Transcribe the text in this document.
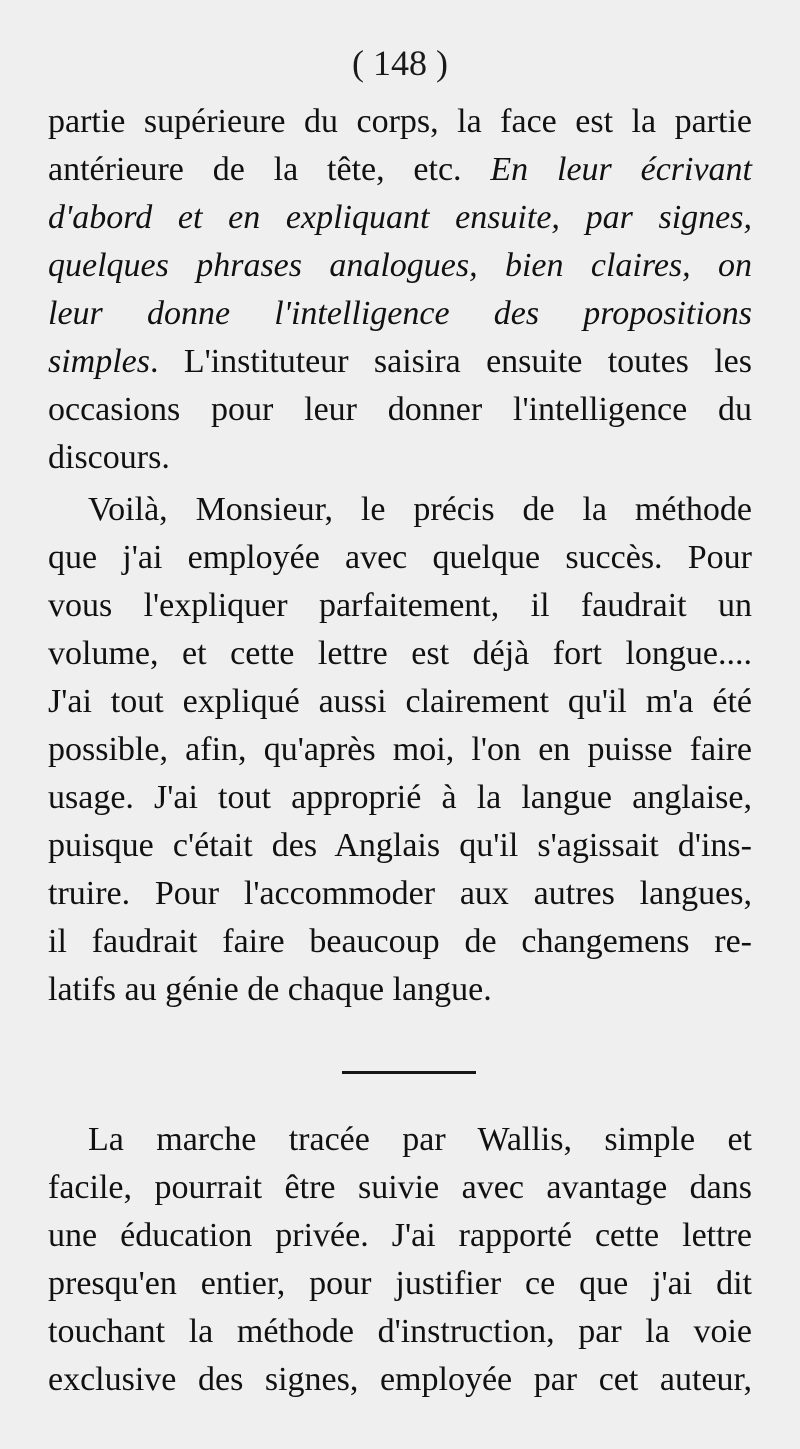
( 148 )
partie supérieure du corps, la face est la partie
antérieure de la tête, etc. En leur écrivant
d'abord et en expliquant ensuite, par signes,
quelques phrases analogues, bien claires, on
leur donne l'intelligence des propositions
simples. L'instituteur saisira ensuite toutes les
occasions pour leur donner l'intelligence du
discours.
Voilà, Monsieur, le précis de la méthode
que j'ai employée avec quelque succès. Pour
vous l'expliquer parfaitement, il faudrait un
volume, et cette lettre est déjà fort longue....
J'ai tout expliqué aussi clairement qu'il m'a été
possible, afin, qu'après moi, l'on en puisse faire
usage. J'ai tout approprié à la langue anglaise,
puisque c'était des Anglais qu'il s'agissait d'ins-
truire. Pour l'accommoder aux autres langues,
il faudrait faire beaucoup de changemens re-
latifs au génie de chaque langue.
La marche tracée par Wallis, simple et
facile, pourrait être suivie avec avantage dans
une éducation privée. J'ai rapporté cette lettre
presqu'en entier, pour justifier ce que j'ai dit
touchant la méthode d'instruction, par la voie
exclusive des signes, employée par cet auteur,
